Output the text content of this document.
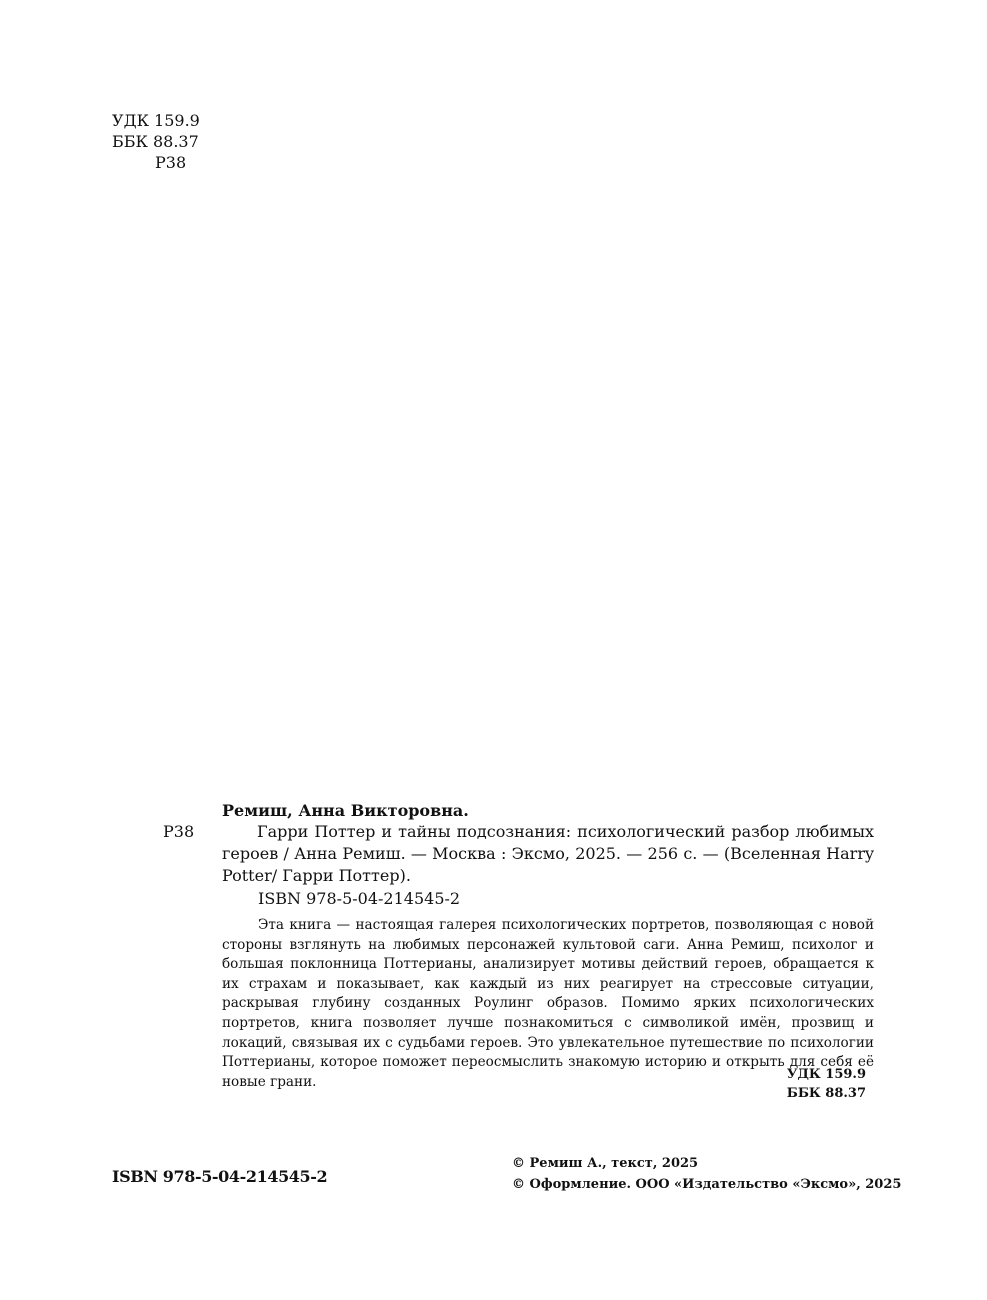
УДК 159.9
ББК 88.37
Р38
Ремиш, Анна Викторовна.
Р38	Гарри Поттер и тайны подсознания: психологический разбор любимых героев / Анна Ремиш. — Москва : Эксмо, 2025. — 256 с. — (Вселенная Harry Potter/ Гарри Поттер).
ISBN 978-5-04-214545-2
Эта книга — настоящая галерея психологических портретов, позволяющая с новой стороны взглянуть на любимых персонажей культовой саги. Анна Ремиш, психолог и большая поклонница Поттерианы, анализирует мотивы действий героев, обращается к их страхам и показывает, как каждый из них реагирует на стрессовые ситуации, раскрывая глубину созданных Роулинг образов. Помимо ярких психологических портретов, книга позволяет лучше познакомиться с символикой имён, прозвищ и локаций, связывая их с судьбами героев. Это увлекательное путешествие по психологии Поттерианы, которое поможет переосмыслить знакомую историю и открыть для себя её новые грани.	УДК 159.9
ББК 88.37
ISBN 978-5-04-214545-2
© Ремиш А., текст, 2025
© Оформление. ООО «Издательство «Эксмо», 2025
